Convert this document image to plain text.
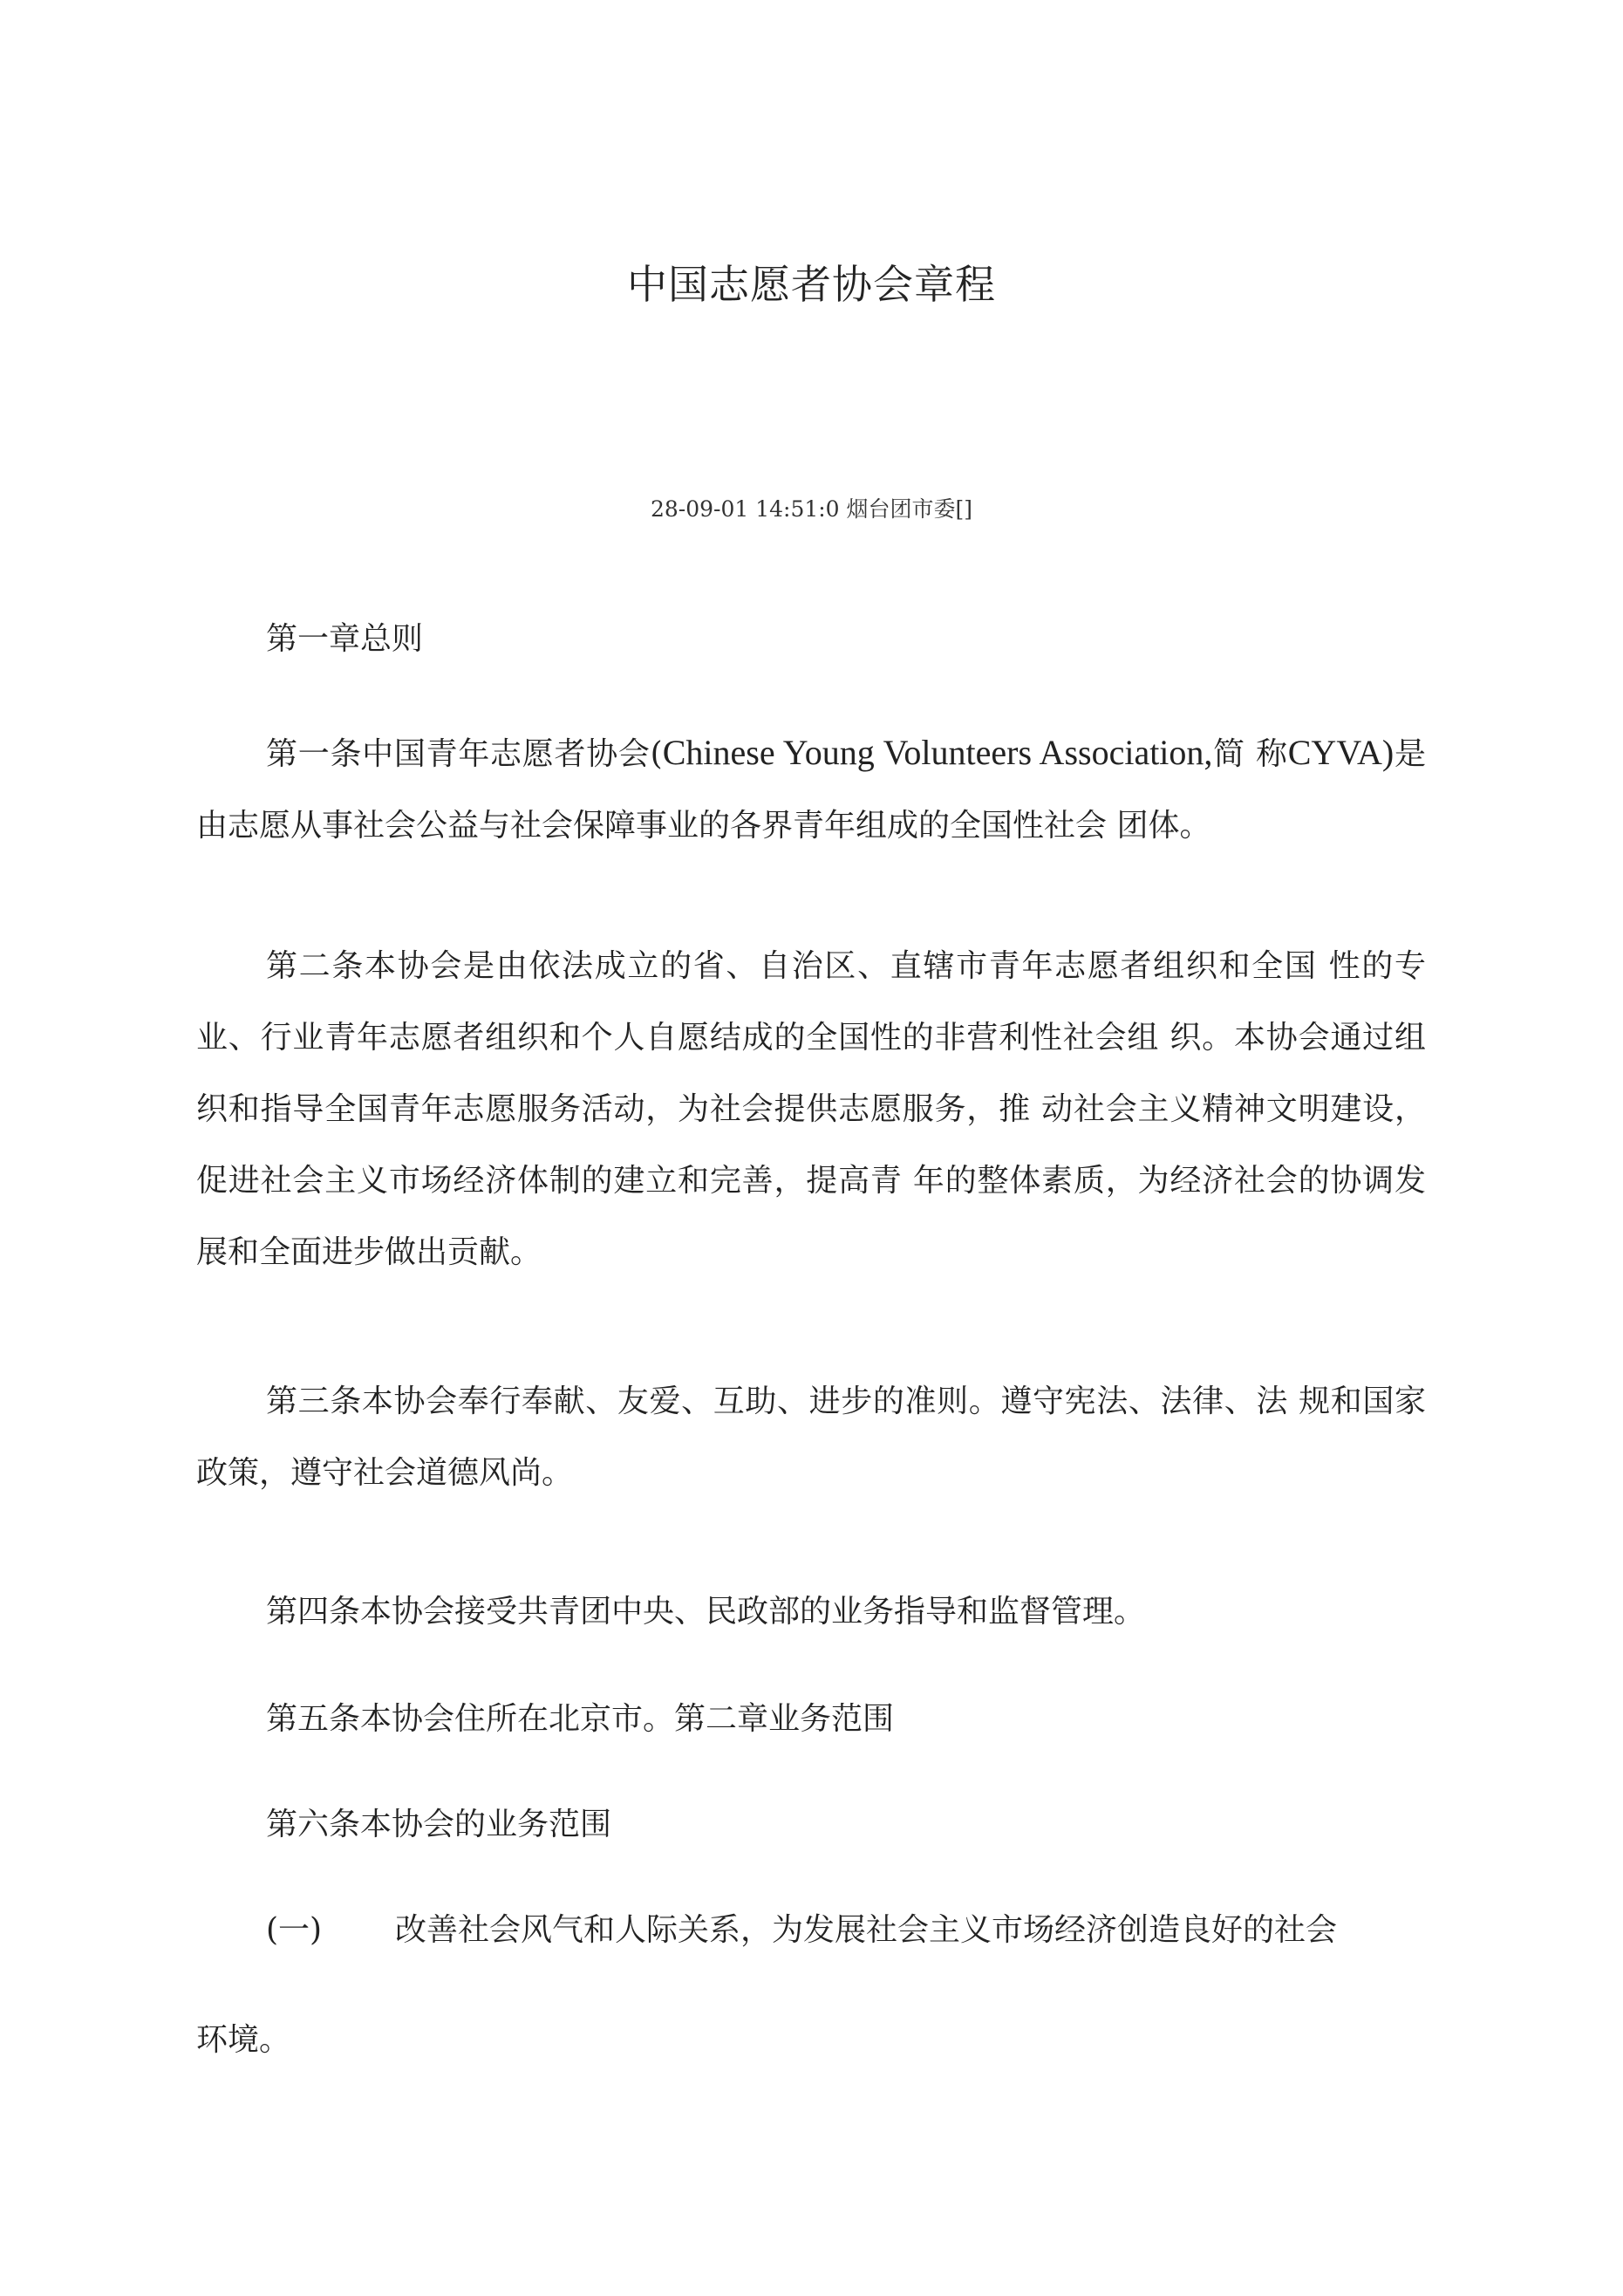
中国志愿者协会章程
28-09-01 14:51:0 烟台团市委[]
第一章总则

第一条中国青年志愿者协会(Chinese Young Volunteers Association,简 称CYVA)是由志愿从事社会公益与社会保障事业的各界青年组成的全国性社会 团体。

第二条本协会是由依法成立的省、自治区、直辖市青年志愿者组织和全国 性的专业、行业青年志愿者组织和个人自愿结成的全国性的非营利性社会组 织。本协会通过组织和指导全国青年志愿服务活动，为社会提供志愿服务，推 动社会主义精神文明建设，促进社会主义市场经济体制的建立和完善，提高青 年的整体素质，为经济社会的协调发展和全面进步做出贡献。

第三条本协会奉行奉献、友爱、互助、进步的准则。遵守宪法、法律、法 规和国家政策，遵守社会道德风尚。

第四条本协会接受共青团中央、民政部的业务指导和监督管理。

第五条本协会住所在北京市。第二章业务范围

第六条本协会的业务范围

(一) 改善社会风气和人际关系，为发展社会主义市场经济创造良好的社会
环境。
